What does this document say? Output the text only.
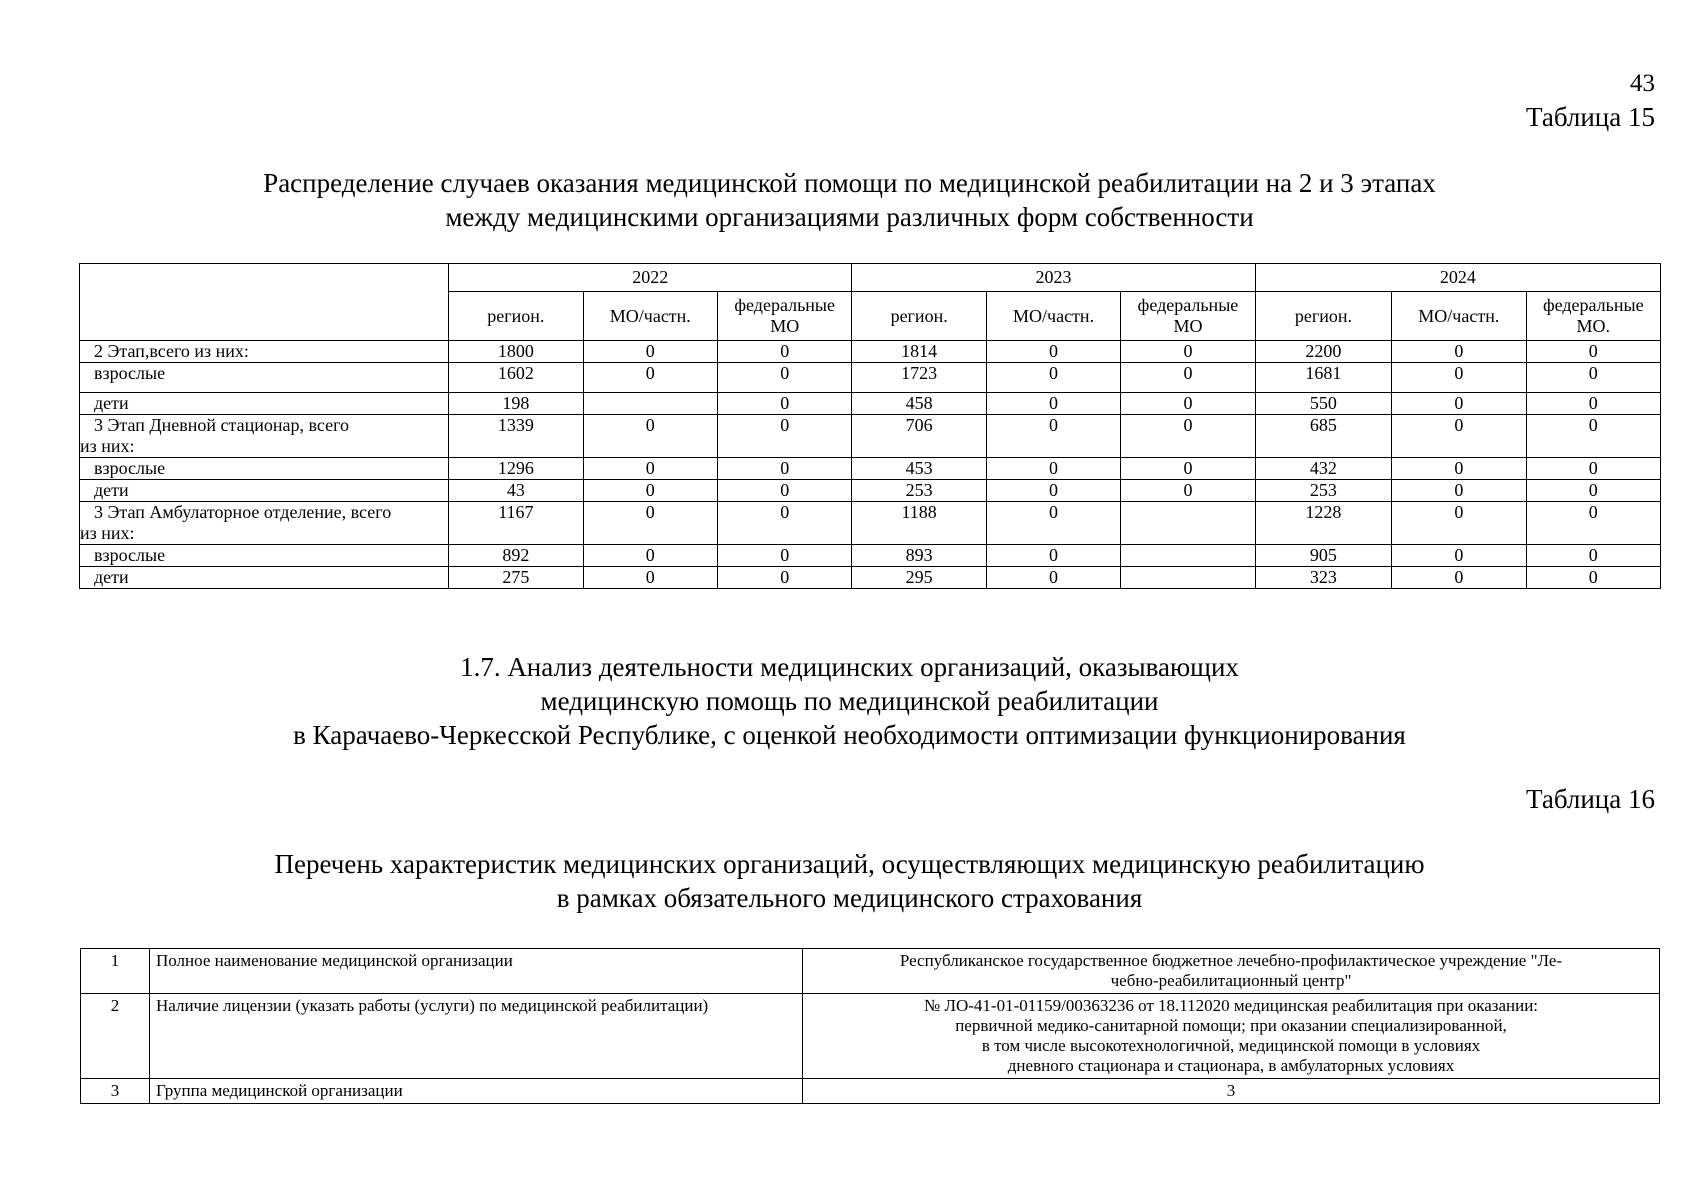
43
Таблица 15
Распределение случаев оказания медицинской помощи по медицинской реабилитации на 2 и 3 этапах
между медицинскими организациями различных форм собственности
	2022			2023			2024		
	регион.	МО/частн.	федеральные МО	регион.	МО/частн.	федеральные МО	регион.	МО/частн.	федеральные МО.
2 Этап,всего из них:	1800	0	0	1814	0	0	2200	0	0
взрослые	1602	0	0	1723	0	0	1681	0	0
дети	198		0	458	0	0	550	0	0

3 Этап Дневной стационар, всего
из них:	1339	0	0	706	0	0	685	0	0
взрослые	1296	0	0	453	0	0	432	0	0
дети	43	0	0	253	0	0	253	0	0

3 Этап Амбулаторное отделение, всего
из них:	1167	0	0	1188	0		1228	0	0
взрослые	892	0	0	893	0		905	0	0
дети	275	0	0	295	0		323	0	0
1.7. Анализ деятельности медицинских организаций, оказывающих
медицинскую помощь по медицинской реабилитации
в Карачаево-Черкесской Республике, с оценкой необходимости оптимизации функционирования
Таблица 16
Перечень характеристик медицинских организаций, осуществляющих медицинскую реабилитацию
в рамках обязательного медицинского страхования
1	Полное наименование медицинской организации	Республиканское государственное бюджетное лечебно-профилактическое учреждение "Ле-
чебно-реабилитационный центр"

2	Наличие лицензии (указать работы (услуги) по медицинской реабилитации)	№ ЛО-41-01-01159/00363236 от 18.112020 медицинская реабилитация при оказании:
первичной медико-санитарной помощи; при оказании специализированной,
в том числе высокотехнологичной, медицинской помощи в условиях
дневного стационара и стационара, в амбулаторных условиях

3	Группа медицинской организации	3
